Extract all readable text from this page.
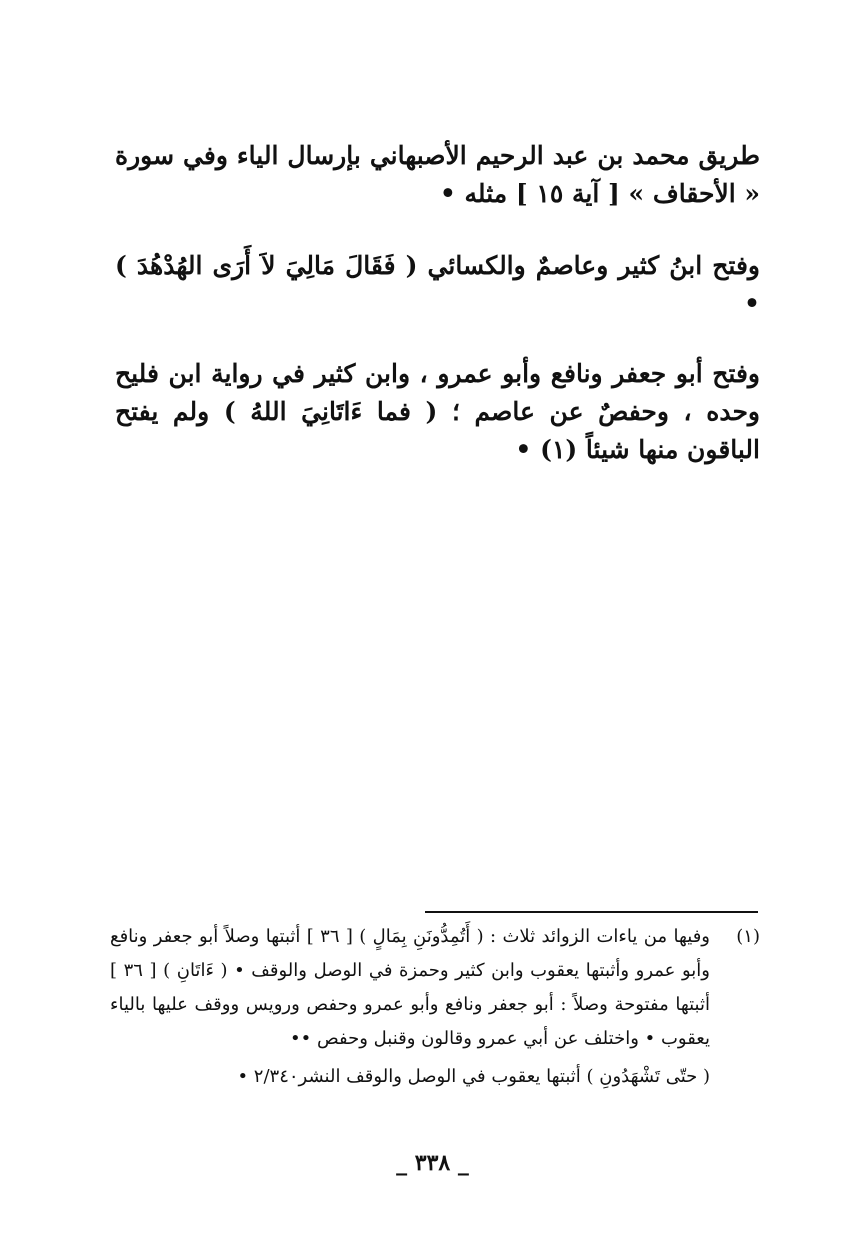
طريق محمد بن عبد الرحيم الأصبهاني بإرسال الياء وفي سورة « الأحقاف » [ آية ١٥ ] مثله •

وفتح ابنُ كثير وعاصمٌ والكسائي ( فَقَالَ مَالِيَ لاَ أَرَى الهُدْهُدَ ) •

وفتح أبو جعفر ونافع وأبو عمرو ، وابن كثير في رواية ابن فليح وحده ، وحفصٌ عن عاصم ؛ ( فما ءَاتَانِيَ اللهُ ) ولم يفتح الباقون منها شيئاً (١) •

(١)
وفيها من ياءات الزوائد ثلاث : ( أَتُمِدُّونَنِ بِمَالٍ ) [ ٣٦ ] أثبتها وصلاً أبو جعفر ونافع وأبو عمرو وأثبتها يعقوب وابن كثير وحمزة في الوصل والوقف • ( ءَاتَانِ ) [ ٣٦ ] أثبتها مفتوحة وصلاً : أبو جعفر ونافع وأبو عمرو وحفص ورويس ووقف عليها بالياء يعقوب • واختلف عن أبي عمرو وقالون وقنبل وحفص ••
( حتّى تَشْهَدُونِ ) أثبتها يعقوب في الوصل والوقف النشر٢/٣٤٠ •
_ ٣٣٨ _
